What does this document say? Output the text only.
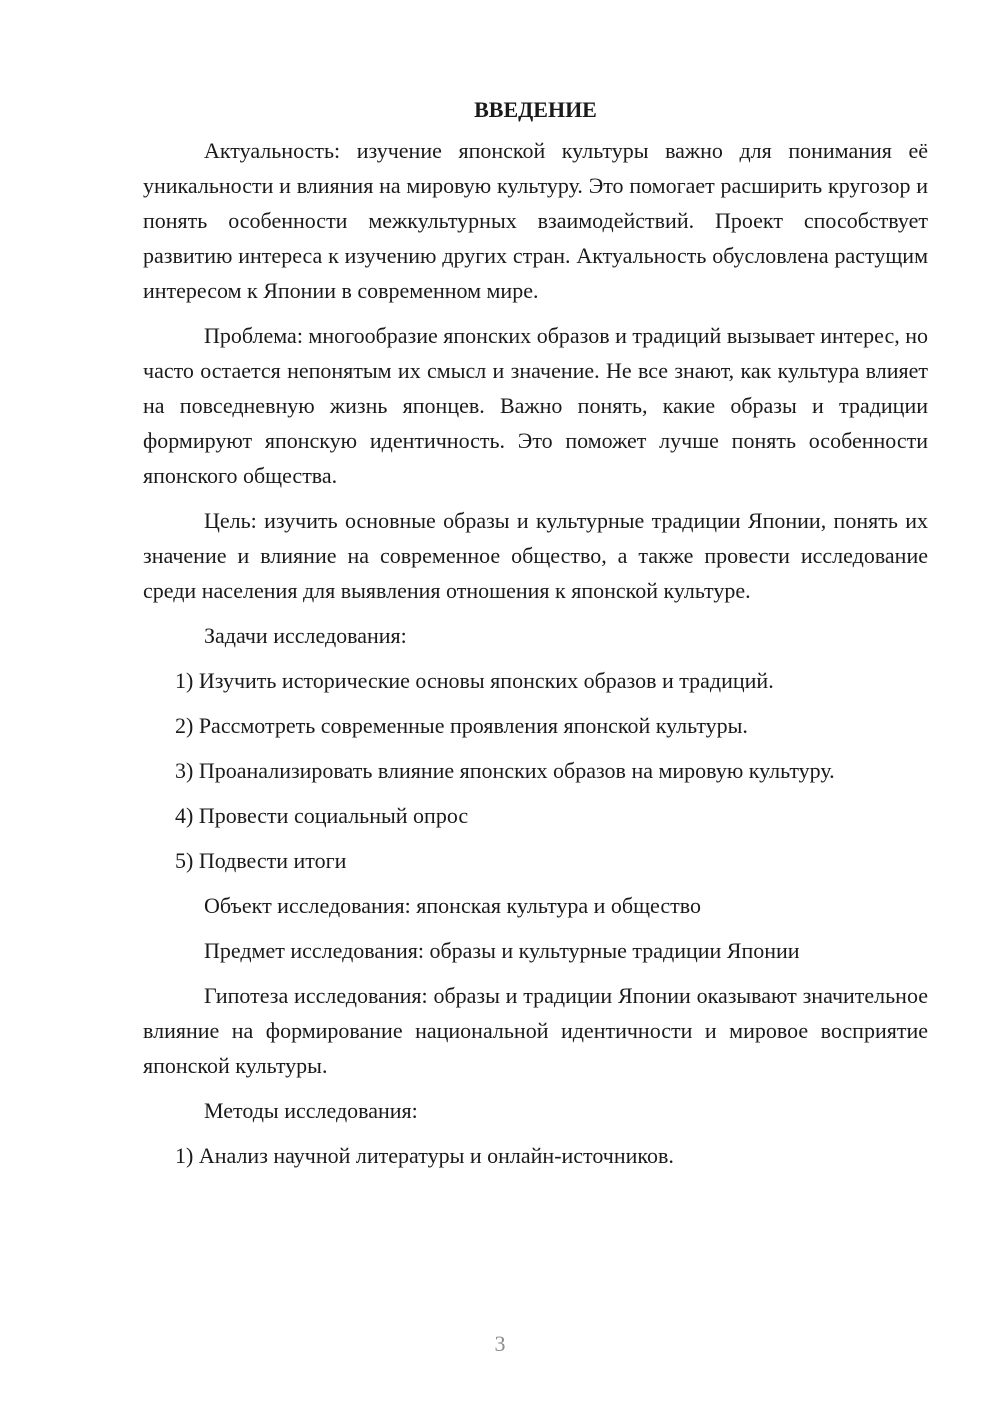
ВВЕДЕНИЕ

Актуальность: изучение японской культуры важно для понимания её уникальности и влияния на мировую культуру. Это помогает расширить кругозор и понять особенности межкультурных взаимодействий. Проект способствует развитию интереса к изучению других стран. Актуальность обусловлена растущим интересом к Японии в современном мире.

Проблема: многообразие японских образов и традиций вызывает интерес, но часто остается непонятым их смысл и значение. Не все знают, как культура влияет на повседневную жизнь японцев. Важно понять, какие образы и традиции формируют японскую идентичность. Это поможет лучше понять особенности японского общества.

Цель: изучить основные образы и культурные традиции Японии, понять их значение и влияние на современное общество, а также провести исследование среди населения для выявления отношения к японской культуре.

Задачи исследования:

1) Изучить исторические основы японских образов и традиций.

2) Рассмотреть современные проявления японской культуры.

3) Проанализировать влияние японских образов на мировую культуру.

4) Провести социальный опрос

5) Подвести итоги

Объект исследования: японская культура и общество

Предмет исследования: образы и культурные традиции Японии

Гипотеза исследования: образы и традиции Японии оказывают значительное влияние на формирование национальной идентичности и мировое восприятие японской культуры.

Методы исследования:

1) Анализ научной литературы и онлайн-источников.

3
